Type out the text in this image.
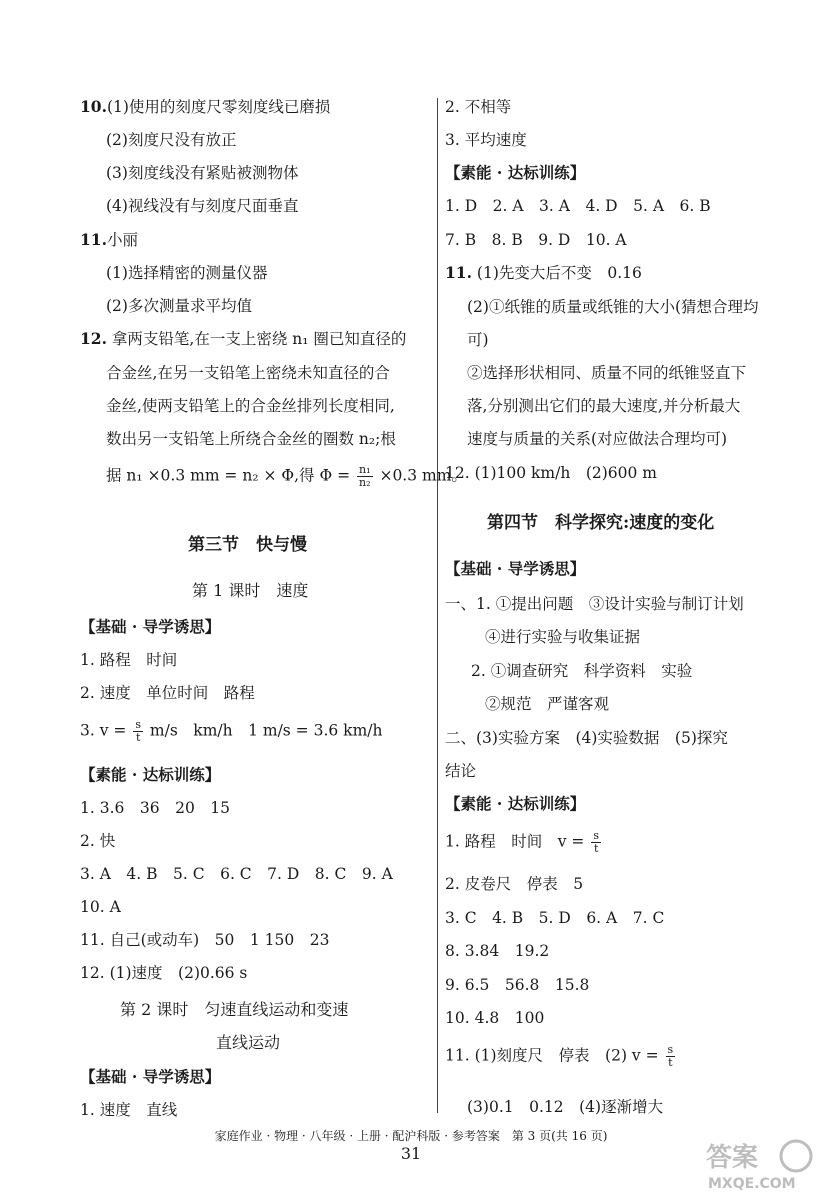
10.(1)使用的刻度尺零刻度线已磨损
(2)刻度尺没有放正
(3)刻度线没有紧贴被测物体
(4)视线没有与刻度尺面垂直
11.小丽
(1)选择精密的测量仪器
(2)多次测量求平均值
12. 拿两支铅笔,在一支上密绕 n₁ 圈已知直径的
合金丝,在另一支铅笔上密绕未知直径的合
金丝,使两支铅笔上的合金丝排列长度相同,
数出另一支铅笔上所绕合金丝的圈数 n₂;根
据 n₁ ×0.3 mm = n₂ × Φ,得 $\Phi = \frac{\text{n₁}}{\text{n₂}} \times 0.3$ mm。
第三节　快与慢
第 1 课时　速度
【基础 · 导学诱思】
1. 路程　时间
2. 速度　单位时间　路程
3. $v = \frac{s}{t} m/s$　km/h　1 m/s = 3.6 km/h
【素能 · 达标训练】
1. 3.6　36　20　15
2. 快
3. A　4. B　5. C　6. C　7. D　8. C　9. A
10. A
11. 自己(或动车)　50　1 150　23
12. (1)速度　(2)0.66 s
第 2 课时　匀速直线运动和变速
直线运动
【基础 · 导学诱思】
1. 速度　直线
2. 不相等
3. 平均速度
【素能 · 达标训练】
1. D　2. A　3. A　4. D　5. A　6. B
7. B　8. B　9. D　10. A
11. (1)先变大后不变　0.16
(2)①纸锥的质量或纸锥的大小(猜想合理均
可)
②选择形状相同、质量不同的纸锥竖直下
落,分别测出它们的最大速度,并分析最大
速度与质量的关系(对应做法合理均可)
12. (1)100 km/h　(2)600 m
第四节　科学探究:速度的变化
【基础 · 导学诱思】
一、1. ①提出问题　③设计实验与制订计划
④进行实验与收集证据
2. ①调查研究　科学资料　实验
②规范　严谨客观
二、(3)实验方案　(4)实验数据　(5)探究
结论
【素能 · 达标训练】
1. 路程　时间　$v = \frac{s}{t}$
2. 皮卷尺　停表　5
3. C　4. B　5. D　6. A　7. C
8. 3.84　19.2
9. 6.5　56.8　15.8
10. 4.8　100
11. (1)刻度尺　停表　(2) $v = \frac{s}{t}$
(3)0.1　0.12　(4)逐渐增大
家庭作业 · 物理 · 八年级 · 上册 · 配沪科版 · 参考答案　第 3 页(共 16 页)
31	答案
MXQE.COM
